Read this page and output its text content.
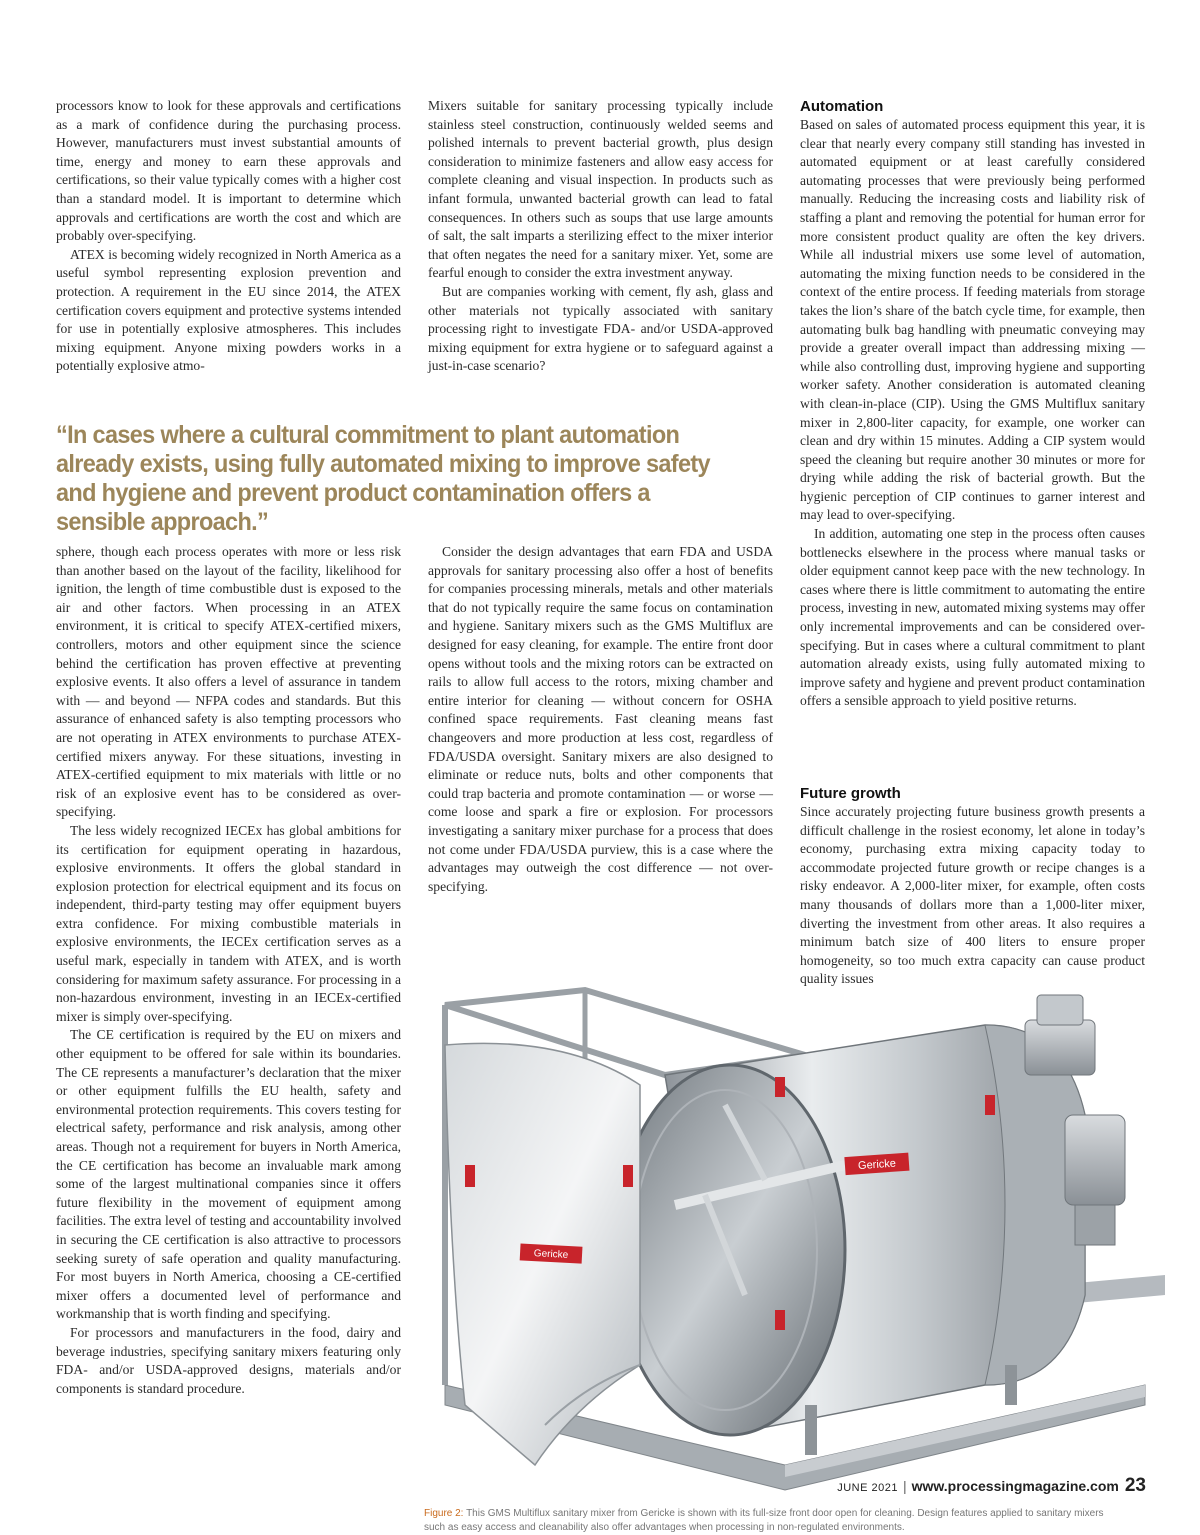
processors know to look for these approvals and certifications as a mark of confidence during the purchasing process. However, manufacturers must invest substantial amounts of time, energy and money to earn these approvals and certifications, so their value typically comes with a higher cost than a standard model. It is important to determine which approvals and certifications are worth the cost and which are probably over-specifying.

ATEX is becoming widely recognized in North America as a useful symbol representing explosion prevention and protection. A requirement in the EU since 2014, the ATEX certification covers equipment and protective systems intended for use in potentially explosive atmospheres. This includes mixing equipment. Anyone mixing powders works in a potentially explosive atmo-

Mixers suitable for sanitary processing typically include stainless steel construction, continuously welded seems and polished internals to prevent bacterial growth, plus design consideration to minimize fasteners and allow easy access for complete cleaning and visual inspection. In products such as infant formula, unwanted bacterial growth can lead to fatal consequences. In others such as soups that use large amounts of salt, the salt imparts a sterilizing effect to the mixer interior that often negates the need for a sanitary mixer. Yet, some are fearful enough to consider the extra investment anyway.

But are companies working with cement, fly ash, glass and other materials not typically associated with sanitary processing right to investigate FDA- and/or USDA-approved mixing equipment for extra hygiene or to safeguard against a just-in-case scenario?

Automation

Based on sales of automated process equipment this year, it is clear that nearly every company still standing has invested in automated equipment or at least carefully considered automating processes that were previously being performed manually. Reducing the increasing costs and liability risk of staffing a plant and removing the potential for human error for more consistent product quality are often the key drivers. While all industrial mixers use some level of automation, automating the mixing function needs to be considered in the context of the entire process. If feeding materials from storage takes the lion’s share of the batch cycle time, for example, then automating bulk bag handling with pneumatic conveying may provide a greater overall impact than addressing mixing — while also controlling dust, improving hygiene and supporting worker safety. Another consideration is automated cleaning with clean-in-place (CIP). Using the GMS Multiflux sanitary mixer in 2,800-liter capacity, for example, one worker can clean and dry within 15 minutes. Adding a CIP system would speed the cleaning but require another 30 minutes or more for drying while adding the risk of bacterial growth. But the hygienic perception of CIP continues to garner interest and may lead to over-specifying.

In addition, automating one step in the process often causes bottlenecks elsewhere in the process where manual tasks or older equipment cannot keep pace with the new technology. In cases where there is little commitment to automating the entire process, investing in new, automated mixing systems may offer only incremental improvements and can be considered over-specifying. But in cases where a cultural commitment to plant automation already exists, using fully automated mixing to improve safety and hygiene and prevent product contamination offers a sensible approach to yield positive returns.

“In cases where a cultural commitment to plant automation already exists, using fully automated mixing to improve safety and hygiene and prevent product contamination offers a sensible approach.”

sphere, though each process operates with more or less risk than another based on the layout of the facility, likelihood for ignition, the length of time combustible dust is exposed to the air and other factors. When processing in an ATEX environment, it is critical to specify ATEX-certified mixers, controllers, motors and other equipment since the science behind the certification has proven effective at preventing explosive events. It also offers a level of assurance in tandem with — and beyond — NFPA codes and standards. But this assurance of enhanced safety is also tempting processors who are not operating in ATEX environments to purchase ATEX-certified mixers anyway. For these situations, investing in ATEX-certified equipment to mix materials with little or no risk of an explosive event has to be considered as over-specifying.

The less widely recognized IECEx has global ambitions for its certification for equipment operating in hazardous, explosive environments. It offers the global standard in explosion protection for electrical equipment and its focus on independent, third-party testing may offer equipment buyers extra confidence. For mixing combustible materials in explosive environments, the IECEx certification serves as a useful mark, especially in tandem with ATEX, and is worth considering for maximum safety assurance. For processing in a non-hazardous environment, investing in an IECEx-certified mixer is simply over-specifying.

The CE certification is required by the EU on mixers and other equipment to be offered for sale within its boundaries. The CE represents a manufacturer’s declaration that the mixer or other equipment fulfills the EU health, safety and environmental protection requirements. This covers testing for electrical safety, performance and risk analysis, among other areas. Though not a requirement for buyers in North America, the CE certification has become an invaluable mark among some of the largest multinational companies since it offers future flexibility in the movement of equipment among facilities. The extra level of testing and accountability involved in securing the CE certification is also attractive to processors seeking surety of safe operation and quality manufacturing. For most buyers in North America, choosing a CE-certified mixer offers a documented level of performance and workmanship that is worth finding and specifying.

For processors and manufacturers in the food, dairy and beverage industries, specifying sanitary mixers featuring only FDA- and/or USDA-approved designs, materials and/or components is standard procedure.

Consider the design advantages that earn FDA and USDA approvals for sanitary processing also offer a host of benefits for companies processing minerals, metals and other materials that do not typically require the same focus on contamination and hygiene. Sanitary mixers such as the GMS Multiflux are designed for easy cleaning, for example. The entire front door opens without tools and the mixing rotors can be extracted on rails to allow full access to the rotors, mixing chamber and entire interior for cleaning — without concern for OSHA confined space requirements. Fast cleaning means fast changeovers and more production at less cost, regardless of FDA/USDA oversight. Sanitary mixers are also designed to eliminate or reduce nuts, bolts and other components that could trap bacteria and promote contamination — or worse — come loose and spark a fire or explosion. For processors investigating a sanitary mixer purchase for a process that does not come under FDA/USDA purview, this is a case where the advantages may outweigh the cost difference — not over-specifying.

Future growth

Since accurately projecting future business growth presents a difficult challenge in the rosiest economy, let alone in today’s economy, purchasing extra mixing capacity today to accommodate projected future growth or recipe changes is a risky endeavor. A 2,000-liter mixer, for example, often costs many thousands of dollars more than a 1,000-liter mixer, diverting the investment from other areas. It also requires a minimum batch size of 400 liters to ensure proper homogeneity, so too much extra capacity can cause product quality issues

Gericke
Gericke
Figure 2: This GMS Multiflux sanitary mixer from Gericke is shown with its full-size front door open for cleaning. Design features applied to sanitary mixers such as easy access and cleanability also offer advantages when processing in non-regulated environments.
JUNE 2021 | www.processingmagazine.com 23
